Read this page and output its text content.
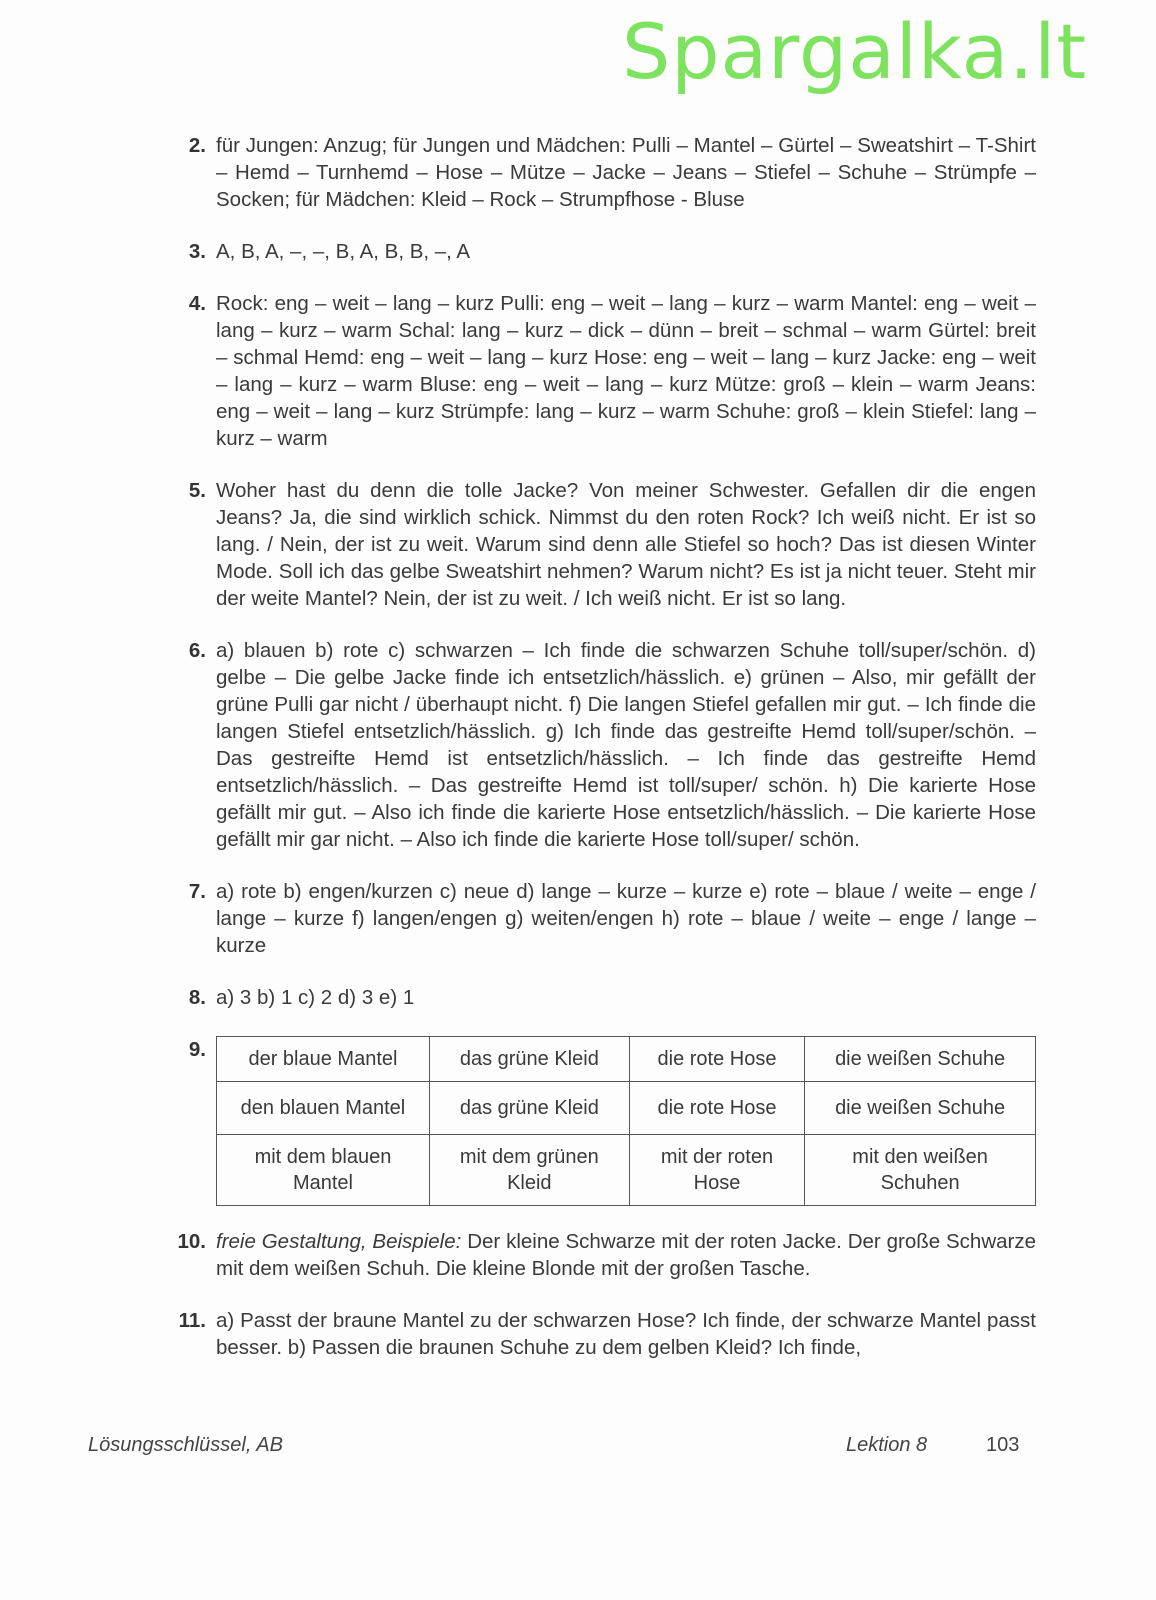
Spargalka.lt
2. für Jungen: Anzug; für Jungen und Mädchen: Pulli – Mantel – Gürtel – Sweatshirt – T-Shirt – Hemd – Turnhemd – Hose – Mütze – Jacke – Jeans – Stiefel – Schuhe – Strümpfe – Socken; für Mädchen: Kleid – Rock – Strumpfhose - Bluse
3. A, B, A, –, –, B, A, B, B, –, A
4. Rock: eng – weit – lang – kurz Pulli: eng – weit – lang – kurz – warm Mantel: eng – weit – lang – kurz – warm Schal: lang – kurz – dick – dünn – breit – schmal – warm Gürtel: breit – schmal Hemd: eng – weit – lang – kurz Hose: eng – weit – lang – kurz Jacke: eng – weit – lang – kurz – warm Bluse: eng – weit – lang – kurz Mütze: groß – klein – warm Jeans: eng – weit – lang – kurz Strümpfe: lang – kurz – warm Schuhe: groß – klein Stiefel: lang – kurz – warm
5. Woher hast du denn die tolle Jacke? Von meiner Schwester. Gefallen dir die engen Jeans? Ja, die sind wirklich schick. Nimmst du den roten Rock? Ich weiß nicht. Er ist so lang. / Nein, der ist zu weit. Warum sind denn alle Stiefel so hoch? Das ist diesen Winter Mode. Soll ich das gelbe Sweatshirt nehmen? Warum nicht? Es ist ja nicht teuer. Steht mir der weite Mantel? Nein, der ist zu weit. / Ich weiß nicht. Er ist so lang.
6. a) blauen b) rote c) schwarzen – Ich finde die schwarzen Schuhe toll/super/schön. d) gelbe – Die gelbe Jacke finde ich entsetzlich/hässlich. e) grünen – Also, mir gefällt der grüne Pulli gar nicht / überhaupt nicht. f) Die langen Stiefel gefallen mir gut. – Ich finde die langen Stiefel entsetzlich/hässlich. g) Ich finde das gestreifte Hemd toll/super/schön. – Das gestreifte Hemd ist entsetzlich/hässlich. – Ich finde das gestreifte Hemd entsetzlich/hässlich. – Das gestreifte Hemd ist toll/super/ schön. h) Die karierte Hose gefällt mir gut. – Also ich finde die karierte Hose entsetzlich/hässlich. – Die karierte Hose gefällt mir gar nicht. – Also ich finde die karierte Hose toll/super/ schön.
7. a) rote b) engen/kurzen c) neue d) lange – kurze – kurze e) rote – blaue / weite – enge / lange – kurze f) langen/engen g) weiten/engen h) rote – blaue / weite – enge / lange – kurze
8. a) 3 b) 1 c) 2 d) 3 e) 1
9. der blaue Mantel	das grüne Kleid	die rote Hose	die weißen Schuhe
den blauen Mantel	das grüne Kleid	die rote Hose	die weißen Schuhe
mit dem blauen Mantel	mit dem grünen Kleid	mit der roten Hose	mit den weißen Schuhen
10. freie Gestaltung, Beispiele: Der kleine Schwarze mit der roten Jacke. Der große Schwarze mit dem weißen Schuh. Die kleine Blonde mit der großen Tasche.
11. a) Passt der braune Mantel zu der schwarzen Hose? Ich finde, der schwarze Mantel passt besser. b) Passen die braunen Schuhe zu dem gelben Kleid? Ich finde,
Lösungsschlüssel, AB	Lektion 8	103
